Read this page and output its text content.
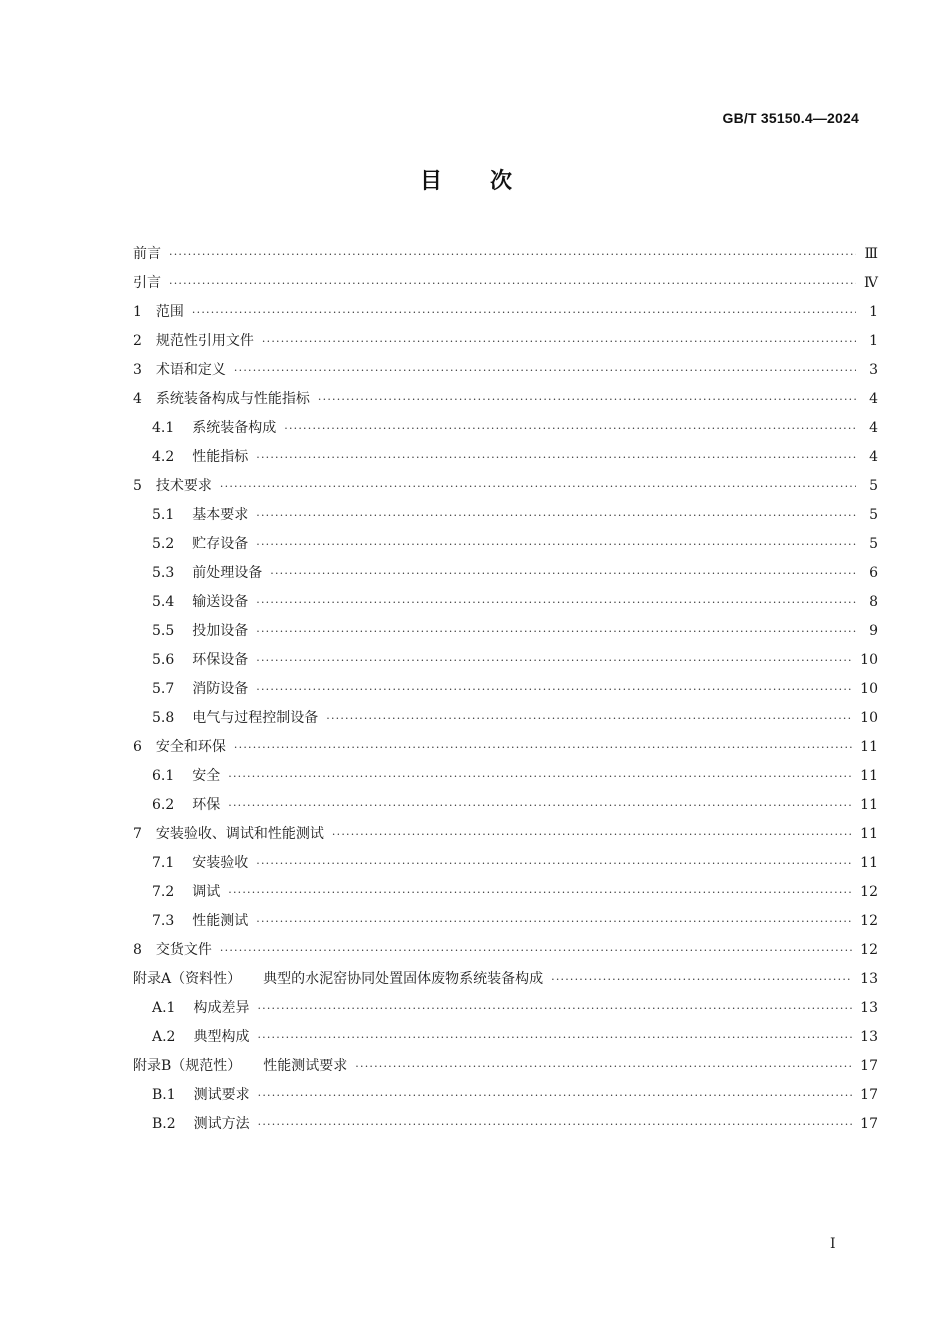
GB/T 35150.4—2024
目次
前言 ·····	Ⅲ
引言 ·····	Ⅳ
1 范围 ·····	1
2 规范性引用文件 ·····	1
3 术语和定义 ·····	3
4 系统装备构成与性能指标 ·····	4
4.1 系统装备构成 ·····	4
4.2 性能指标 ·····	4
5 技术要求 ·····	5
5.1 基本要求 ·····	5
5.2 贮存设备 ·····	5
5.3 前处理设备 ·····	6
5.4 输送设备 ·····	8
5.5 投加设备 ·····	9
5.6 环保设备 ·····	10
5.7 消防设备 ·····	10
5.8 电气与过程控制设备 ·····	10
6 安全和环保 ·····	11
6.1 安全 ·····	11
6.2 环保 ·····	11
7 安装验收、调试和性能测试 ·····	11
7.1 安装验收 ·····	11
7.2 调试 ·····	12
7.3 性能测试 ·····	12
8 交货文件 ·····	12
附录A（资料性） 典型的水泥窑协同处置固体废物系统装备构成 ·····	13
A.1 构成差异 ·····	13
A.2 典型构成 ·····	13
附录B（规范性） 性能测试要求 ·····	17
B.1 测试要求 ·····	17
B.2 测试方法 ·····	17
I
